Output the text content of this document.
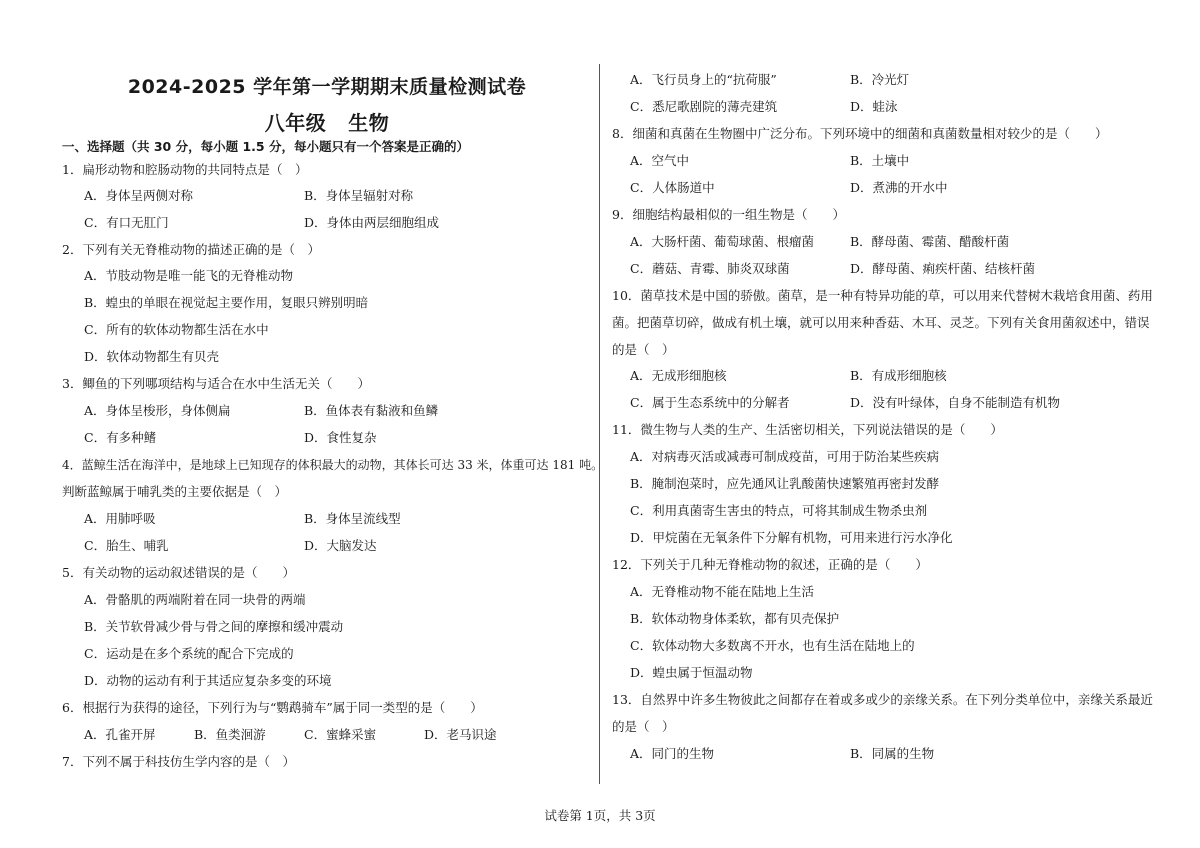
2024-2025 学年第一学期期末质量检测试卷
八年级 生物
一、选择题（共 30 分，每小题 1.5 分，每小题只有一个答案是正确的）
1．扁形动物和腔肠动物的共同特点是（　）
A．身体呈两侧对称	B．身体呈辐射对称
C．有口无肛门	D．身体由两层细胞组成
2．下列有关无脊椎动物的描述正确的是（　）
A．节肢动物是唯一能飞的无脊椎动物
B．蝗虫的单眼在视觉起主要作用，复眼只辨别明暗
C．所有的软体动物都生活在水中
D．软体动物都生有贝壳
3．鲫鱼的下列哪项结构与适合在水中生活无关（　　）
A．身体呈梭形，身体侧扁	B．鱼体表有黏液和鱼鳞
C．有多种鳍	D．食性复杂
4．蓝鲸生活在海洋中，是地球上已知现存的体积最大的动物，其体长可达 33 米，体重可达 181 吨。
判断蓝鲸属于哺乳类的主要依据是（　）
A．用肺呼吸	B．身体呈流线型
C．胎生、哺乳	D．大脑发达
5．有关动物的运动叙述错误的是（　　）
A．骨骼肌的两端附着在同一块骨的两端
B．关节软骨减少骨与骨之间的摩擦和缓冲震动
C．运动是在多个系统的配合下完成的
D．动物的运动有利于其适应复杂多变的环境
6．根据行为获得的途径，下列行为与“鹦鹉骑车”属于同一类型的是（　　）
A．孔雀开屏	B．鱼类洄游	C．蜜蜂采蜜	D．老马识途
7．下列不属于科技仿生学内容的是（　）
A．飞行员身上的“抗荷服”	B．冷光灯
C．悉尼歌剧院的薄壳建筑	D．蛙泳
8．细菌和真菌在生物圈中广泛分布。下列环境中的细菌和真菌数量相对较少的是（　　）
A．空气中	B．土壤中
C．人体肠道中	D．煮沸的开水中
9．细胞结构最相似的一组生物是（　　）
A．大肠杆菌、葡萄球菌、根瘤菌	B．酵母菌、霉菌、醋酸杆菌
C．蘑菇、青霉、肺炎双球菌	D．酵母菌、痢疾杆菌、结核杆菌
10．菌草技术是中国的骄傲。菌草，是一种有特异功能的草，可以用来代替树木栽培食用菌、药用
菌。把菌草切碎，做成有机土壤，就可以用来种香菇、木耳、灵芝。下列有关食用菌叙述中，错误
的是（　）
A．无成形细胞核	B．有成形细胞核
C．属于生态系统中的分解者	D．没有叶绿体，自身不能制造有机物
11．微生物与人类的生产、生活密切相关，下列说法错误的是（　　）
A．对病毒灭活或减毒可制成疫苗，可用于防治某些疾病
B．腌制泡菜时，应先通风让乳酸菌快速繁殖再密封发酵
C．利用真菌寄生害虫的特点，可将其制成生物杀虫剂
D．甲烷菌在无氧条件下分解有机物，可用来进行污水净化
12．下列关于几种无脊椎动物的叙述，正确的是（　　）
A．无脊椎动物不能在陆地上生活
B．软体动物身体柔软，都有贝壳保护
C．软体动物大多数离不开水，也有生活在陆地上的
D．蝗虫属于恒温动物
13．自然界中许多生物彼此之间都存在着或多或少的亲缘关系。在下列分类单位中，亲缘关系最近
的是（　）
A．同门的生物	B．同属的生物
试卷第 1页，共 3页
